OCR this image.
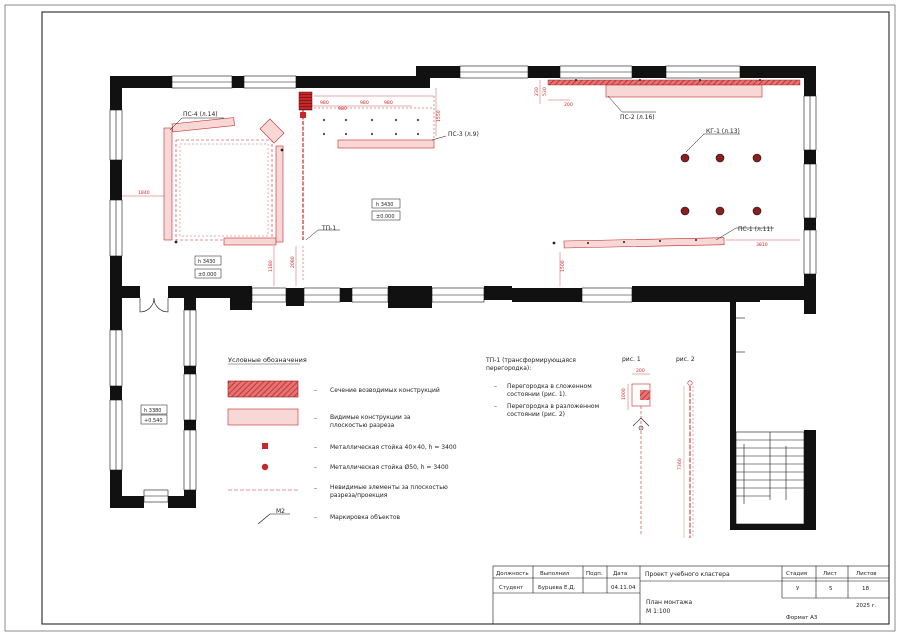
ПС-4 (л.14)
ПС-3 (л.9)
ПС-2 (л.16)
КГ-1 (л.13)
ПС-1 (л.11)
ТП-1
1840
1180	2080
980
980
980	980
1550
230 530
200
1500
3810
h 3430
±0.000
h 3430
±0.000
h 3380
+0.540
Условные обозначения
– Сечение возводимых конструкций
– Видимые конструкции за
плоскостью разреза
– Металлическая стойка 40×40, h = 3400
– Металлическая стойка Ø50, h = 3400
– Невидимые элементы за плоскостью
разреза/проекция
М2
– Маркировка объектов
ТП-1 (трансформирующаяся
перегородка):
– Перегородка в сложенном
состоянии (рис. 1).
– Перегородка в разложенном
состоянии (рис. 2)
рис. 1	рис. 2
200
1000
7360
Должность Выполнил	Подп. Дата
Студент	Бурцева Е.Д.	04.11.04
Проект учебного кластера	Стадия	Лист	Листов
У	5	18
План монтажа
М 1:100
2025 г.
Формат А3
